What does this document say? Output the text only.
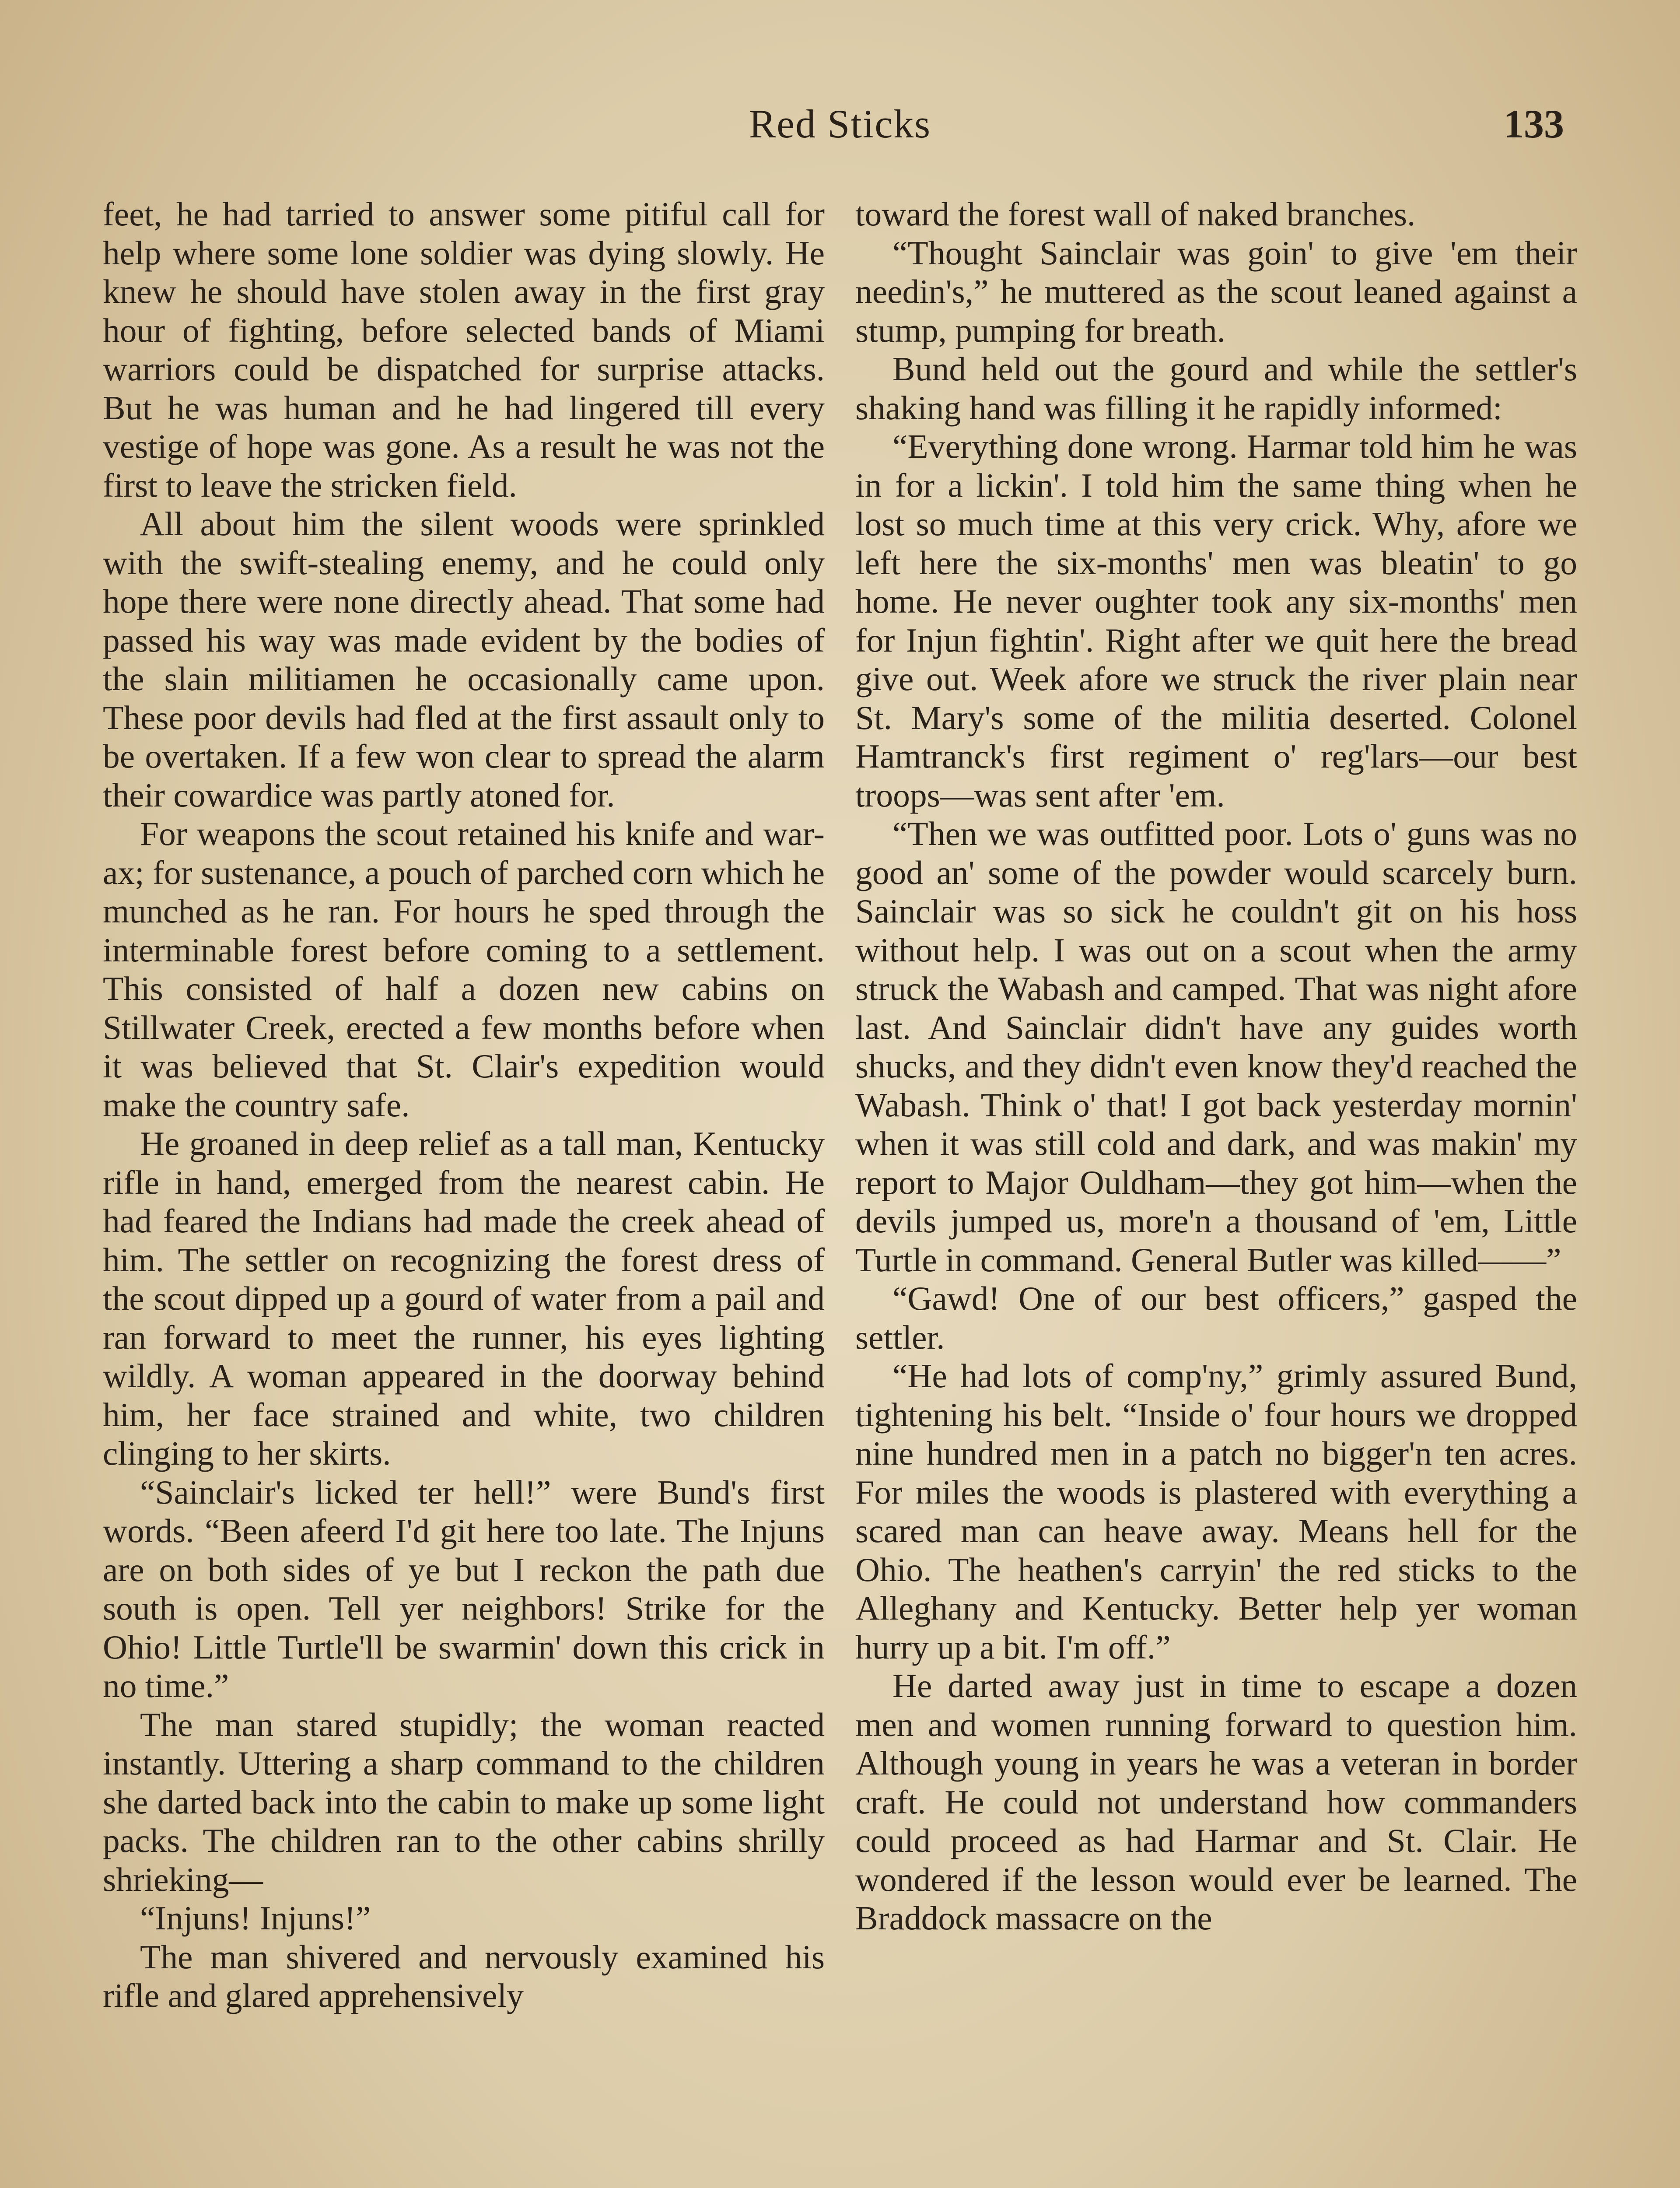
Red Sticks	133

feet, he had tarried to answer some pitiful call for help where some lone soldier was dying slowly. He knew he should have stolen away in the first gray hour of fighting, before selected bands of Miami warriors could be dispatched for surprise attacks. But he was human and he had lingered till every vestige of hope was gone. As a result he was not the first to leave the stricken field.

All about him the silent woods were sprinkled with the swift-stealing enemy, and he could only hope there were none directly ahead. That some had passed his way was made evident by the bodies of the slain militiamen he occasionally came upon. These poor devils had fled at the first assault only to be overtaken. If a few won clear to spread the alarm their cowardice was partly atoned for.

For weapons the scout retained his knife and war-ax; for sustenance, a pouch of parched corn which he munched as he ran. For hours he sped through the interminable forest before coming to a settlement. This consisted of half a dozen new cabins on Stillwater Creek, erected a few months before when it was believed that St. Clair's expedition would make the country safe.

He groaned in deep relief as a tall man, Kentucky rifle in hand, emerged from the nearest cabin. He had feared the Indians had made the creek ahead of him. The settler on recognizing the forest dress of the scout dipped up a gourd of water from a pail and ran forward to meet the runner, his eyes lighting wildly. A woman appeared in the doorway behind him, her face strained and white, two children clinging to her skirts.

“Sainclair's licked ter hell!” were Bund's first words. “Been afeerd I'd git here too late. The Injuns are on both sides of ye but I reckon the path due south is open. Tell yer neighbors! Strike for the Ohio! Little Turtle'll be swarmin' down this crick in no time.”

The man stared stupidly; the woman reacted instantly. Uttering a sharp command to the children she darted back into the cabin to make up some light packs. The children ran to the other cabins shrilly shrieking—

“Injuns! Injuns!”

The man shivered and nervously examined his rifle and glared apprehensively

toward the forest wall of naked branches.

“Thought Sainclair was goin' to give 'em their needin's,” he muttered as the scout leaned against a stump, pumping for breath.

Bund held out the gourd and while the settler's shaking hand was filling it he rapidly informed:

“Everything done wrong. Harmar told him he was in for a lickin'. I told him the same thing when he lost so much time at this very crick. Why, afore we left here the six-months' men was bleatin' to go home. He never oughter took any six-months' men for Injun fightin'. Right after we quit here the bread give out. Week afore we struck the river plain near St. Mary's some of the militia deserted. Colonel Hamtranck's first regiment o' reg'lars—our best troops—was sent after 'em.

“Then we was outfitted poor. Lots o' guns was no good an' some of the powder would scarcely burn. Sainclair was so sick he couldn't git on his hoss without help. I was out on a scout when the army struck the Wabash and camped. That was night afore last. And Sainclair didn't have any guides worth shucks, and they didn't even know they'd reached the Wabash. Think o' that! I got back yesterday mornin' when it was still cold and dark, and was makin' my report to Major Ouldham—they got him—when the devils jumped us, more'n a thousand of 'em, Little Turtle in command. General Butler was killed——”

“Gawd! One of our best officers,” gasped the settler.

“He had lots of comp'ny,” grimly assured Bund, tightening his belt. “Inside o' four hours we dropped nine hundred men in a patch no bigger'n ten acres. For miles the woods is plastered with everything a scared man can heave away. Means hell for the Ohio. The heathen's carryin' the red sticks to the Alleghany and Kentucky. Better help yer woman hurry up a bit. I'm off.”

He darted away just in time to escape a dozen men and women running forward to question him. Although young in years he was a veteran in border craft. He could not understand how commanders could proceed as had Harmar and St. Clair. He wondered if the lesson would ever be learned. The Braddock massacre on the
